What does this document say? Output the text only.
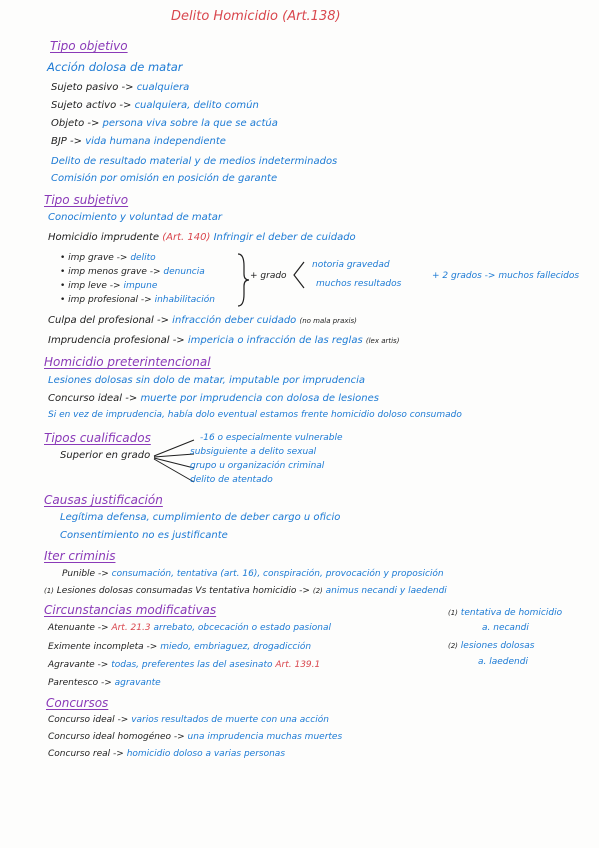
Delito Homicidio (Art.138)
Tipo objetivo
Acción dolosa de matar
Sujeto pasivo -> cualquiera
Sujeto activo -> cualquiera, delito común
Objeto -> persona viva sobre la que se actúa
BJP -> vida humana independiente
Delito de resultado material y de medios indeterminados
Comisión por omisión en posición de garante
Tipo subjetivo
Conocimiento y voluntad de matar
Homicidio imprudente (Art. 140) Infringir el deber de cuidado
• imp grave -> delito
• imp menos grave -> denuncia
• imp leve -> impune
• imp profesional -> inhabilitación
+ grado
notoria gravedad
muchos resultados
+ 2 grados -> muchos fallecidos
Culpa del profesional -> infracción deber cuidado (no mala praxis)
Imprudencia profesional -> impericia o infracción de las reglas (lex artis)
Homicidio preterintencional
Lesiones dolosas sin dolo de matar, imputable por imprudencia
Concurso ideal -> muerte por imprudencia con dolosa de lesiones
Si en vez de imprudencia, había dolo eventual estamos frente homicidio doloso consumado
Tipos cualificados
Superior en grado
-16 o especialmente vulnerable
subsiguiente a delito sexual
grupo u organización criminal
delito de atentado
Causas justificación
Legítima defensa, cumplimiento de deber cargo u oficio
Consentimiento no es justificante
Iter criminis
Punible -> consumación, tentativa (art. 16), conspiración, provocación y proposición
(1) Lesiones dolosas consumadas Vs tentativa homicidio -> (2) animus necandi y laedendi
Circunstancias modificativas
Atenuante -> Art. 21.3 arrebato, obcecación o estado pasional
Eximente incompleta -> miedo, embriaguez, drogadicción
Agravante -> todas, preferentes las del asesinato Art. 139.1
Parentesco -> agravante
(1) tentativa de homicidio
a. necandi
(2) lesiones dolosas
a. laedendi
Concursos
Concurso ideal -> varios resultados de muerte con una acción
Concurso ideal homogéneo -> una imprudencia muchas muertes
Concurso real -> homicidio doloso a varias personas
